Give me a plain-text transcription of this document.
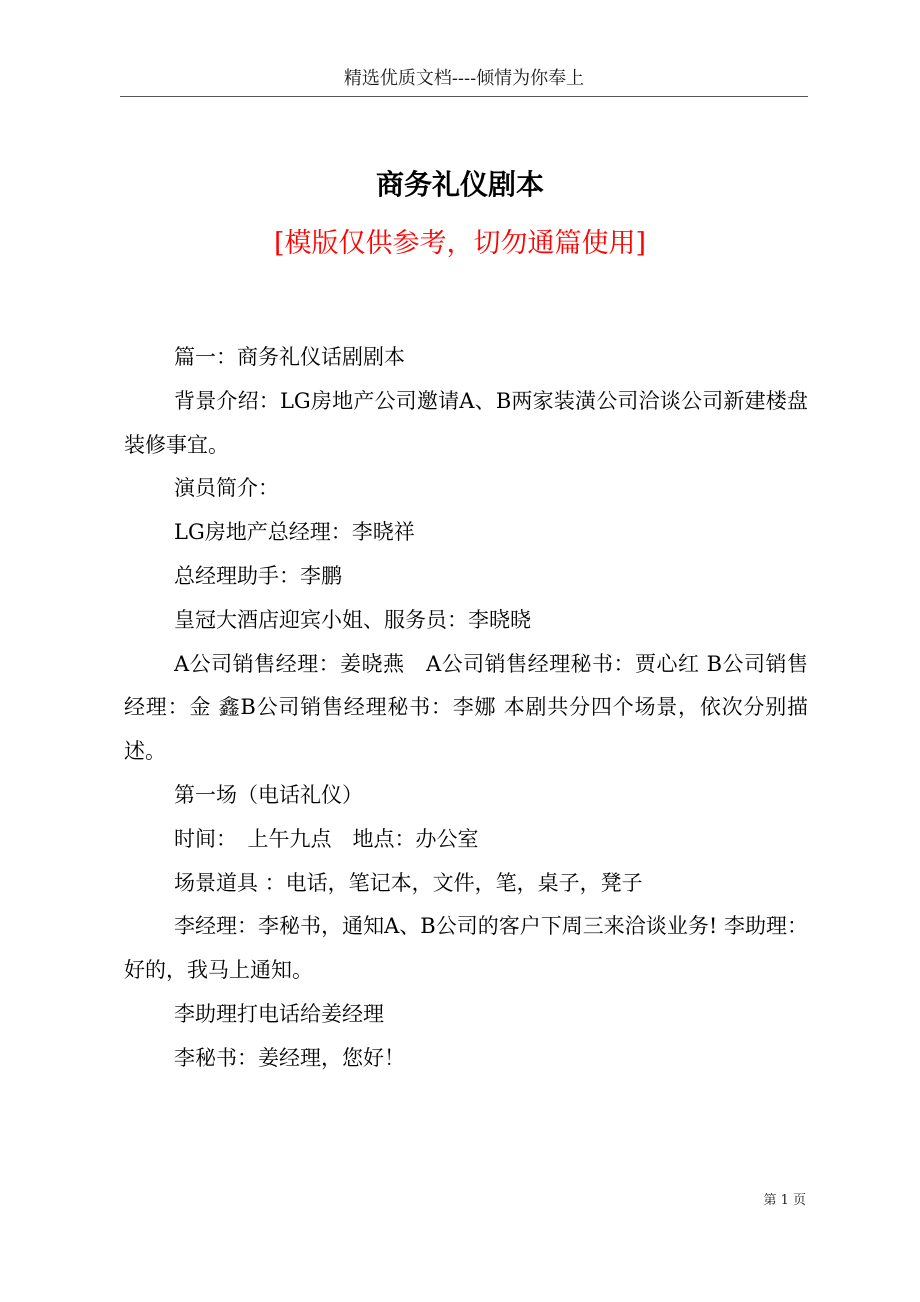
精选优质文档----倾情为你奉上
商务礼仪剧本
[模版仅供参考，切勿通篇使用]

篇一：商务礼仪话剧剧本

背景介绍：LG房地产公司邀请A、B两家装潢公司洽谈公司新建楼盘装修事宜。

演员简介：

LG房地产总经理：李晓祥

总经理助手：李鹏

皇冠大酒店迎宾小姐、服务员：李晓晓

A公司销售经理：姜晓燕　A公司销售经理秘书：贾心红 B公司销售经理：金 鑫B公司销售经理秘书：李娜 本剧共分四个场景，依次分别描述。

第一场（电话礼仪）

时间：　上午九点　地点：办公室

场景道具 ：电话，笔记本，文件，笔，桌子，凳子

李经理：李秘书，通知A、B公司的客户下周三来洽谈业务! 李助理：好的，我马上通知。

李助理打电话给姜经理

李秘书：姜经理，您好！

第 1 页
